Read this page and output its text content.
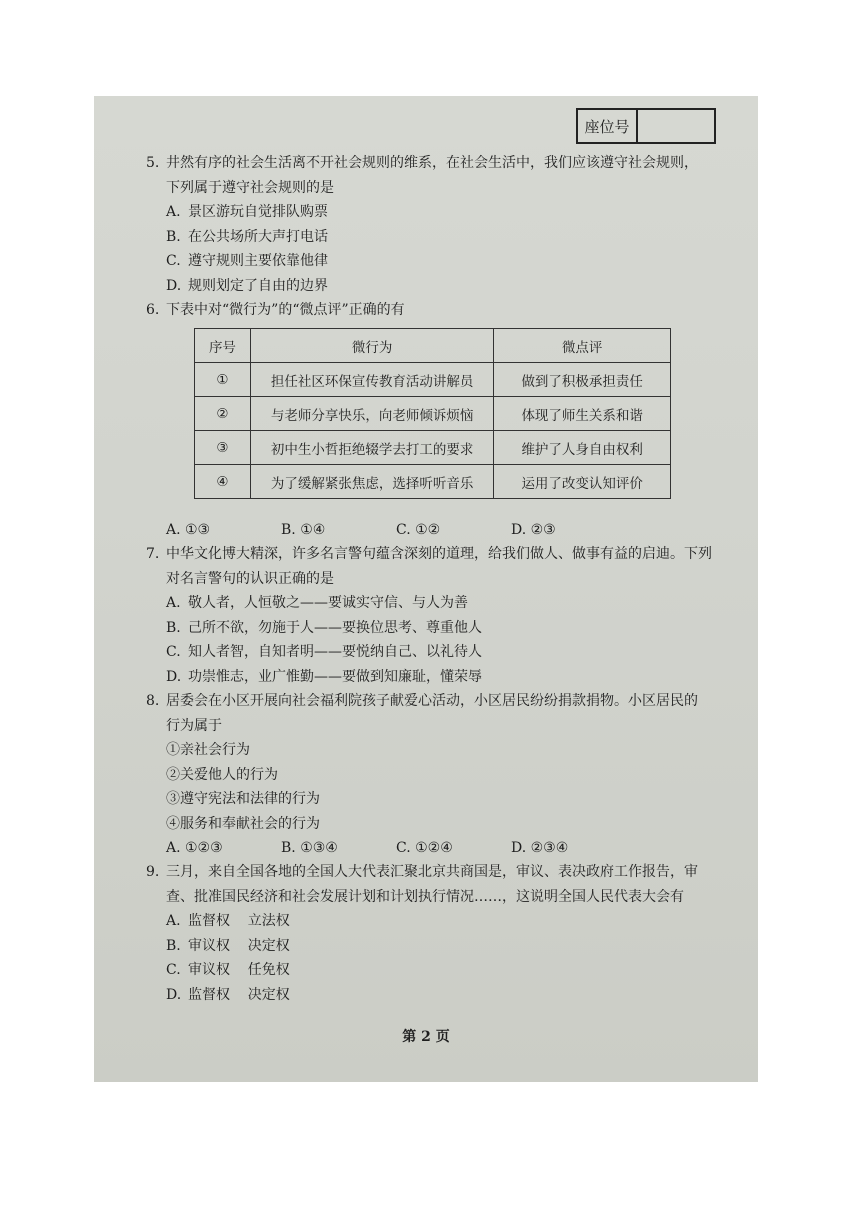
座位号
5. 井然有序的社会生活离不开社会规则的维系，在社会生活中，我们应该遵守社会规则，
下列属于遵守社会规则的是
A. 景区游玩自觉排队购票
B. 在公共场所大声打电话
C. 遵守规则主要依靠他律
D. 规则划定了自由的边界
6. 下表中对“微行为”的“微点评”正确的有
序号	微行为	微点评
①	担任社区环保宣传教育活动讲解员	做到了积极承担责任
②	与老师分享快乐，向老师倾诉烦恼	体现了师生关系和谐
③	初中生小哲拒绝辍学去打工的要求	维护了人身自由权利
④	为了缓解紧张焦虑，选择听听音乐	运用了改变认知评价
A. ①③	B. ①④	C. ①②	D. ②③
7. 中华文化博大精深，许多名言警句蕴含深刻的道理，给我们做人、做事有益的启迪。下列
对名言警句的认识正确的是
A. 敬人者，人恒敬之——要诚实守信、与人为善
B. 己所不欲，勿施于人——要换位思考、尊重他人
C. 知人者智，自知者明——要悦纳自己、以礼待人
D. 功崇惟志，业广惟勤——要做到知廉耻，懂荣辱
8. 居委会在小区开展向社会福利院孩子献爱心活动，小区居民纷纷捐款捐物。小区居民的
行为属于
①亲社会行为
②关爱他人的行为
③遵守宪法和法律的行为
④服务和奉献社会的行为
A. ①②③	B. ①③④	C. ①②④	D. ②③④
9. 三月，来自全国各地的全国人大代表汇聚北京共商国是，审议、表决政府工作报告，审
查、批准国民经济和社会发展计划和计划执行情况……，这说明全国人民代表大会有
A. 监督权    立法权
B. 审议权    决定权
C. 审议权    任免权
D. 监督权    决定权
第 2 页
